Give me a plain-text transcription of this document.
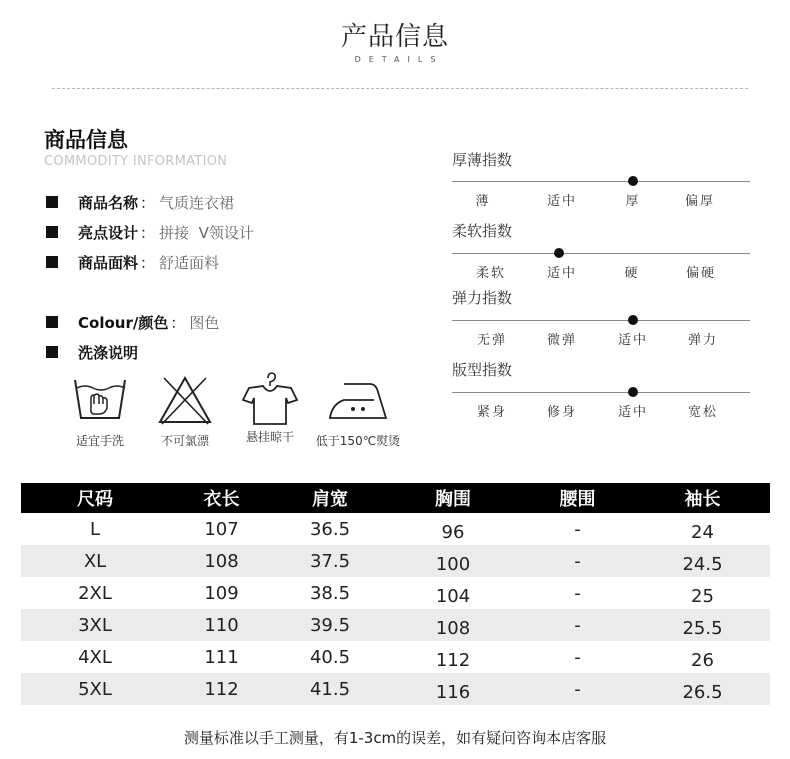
产品信息
DETAILS
商品信息
COMMODITY INFORMATION
商品名称 ： 气质连衣裙
亮点设计 ： 拼接  V领设计
商品面料 ： 舒适面料
Colour/颜色 ： 图色
洗涤说明
适宜手洗	不可氯漂	悬挂晾干	低于150℃熨烫
厚薄指数
薄	适中	厚	偏厚
柔软指数
柔软	适中	硬	偏硬
弹力指数
无弹	微弹	适中	弹力
版型指数
紧身	修身	适中	宽松
尺码	衣长	肩宽	胸围	腰围	袖长
L	107	36.5	96	-	24
XL	108	37.5	100	-	24.5
2XL	109	38.5	104	-	25
3XL	110	39.5	108	-	25.5
4XL	111	40.5	112	-	26
5XL	112	41.5	116	-	26.5
测量标准以手工测量，有1-3cm的误差，如有疑问咨询本店客服
